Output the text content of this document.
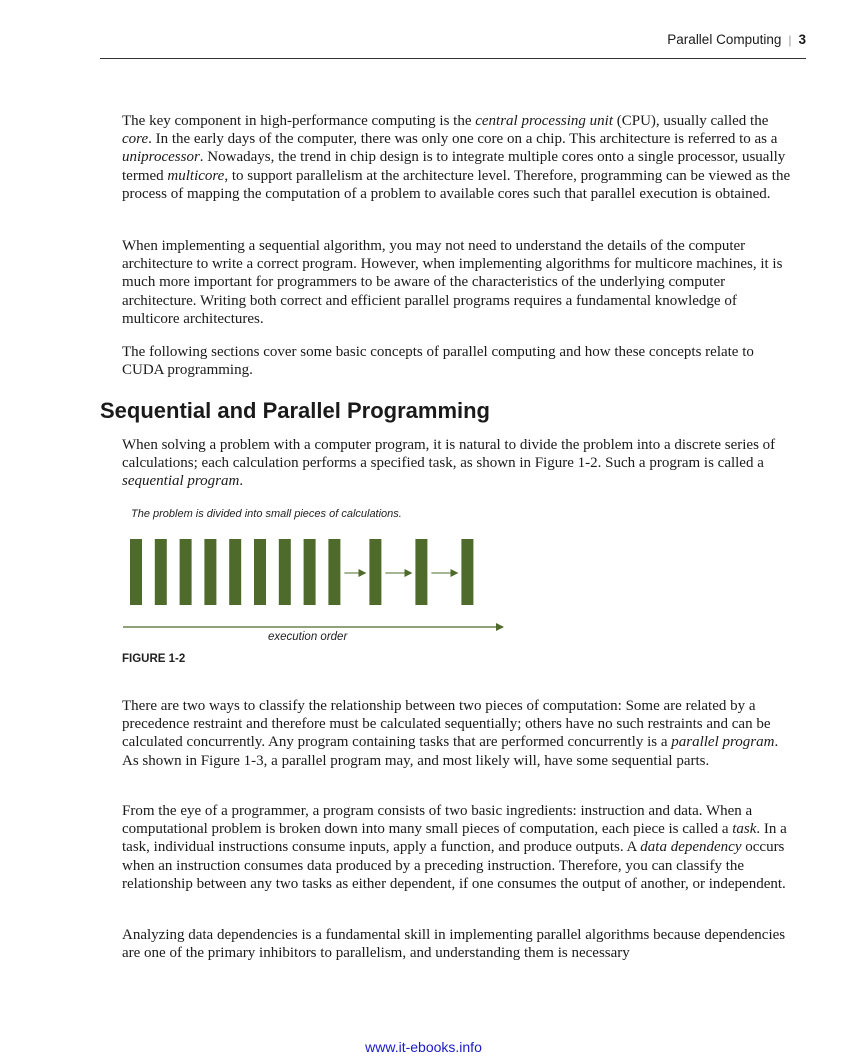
Parallel Computing | 3

The key component in high-performance computing is the central processing unit (CPU), usually called the core. In the early days of the computer, there was only one core on a chip. This architecture is referred to as a uniprocessor. Nowadays, the trend in chip design is to integrate multiple cores onto a single processor, usually termed multicore, to support parallelism at the architecture level. Therefore, programming can be viewed as the process of mapping the computation of a problem to available cores such that parallel execution is obtained.

When implementing a sequential algorithm, you may not need to understand the details of the computer architecture to write a correct program. However, when implementing algorithms for multicore machines, it is much more important for programmers to be aware of the characteristics of the underlying computer architecture. Writing both correct and efficient parallel programs requires a fundamental knowledge of multicore architectures.

The following sections cover some basic concepts of parallel computing and how these concepts relate to CUDA programming.

Sequential and Parallel Programming

When solving a problem with a computer program, it is natural to divide the problem into a discrete series of calculations; each calculation performs a specified task, as shown in Figure 1-2. Such a program is called a sequential program.

The problem is divided into small pieces of calculations.
execution order
FIGURE 1-2

There are two ways to classify the relationship between two pieces of computation: Some are related by a precedence restraint and therefore must be calculated sequentially; others have no such restraints and can be calculated concurrently. Any program containing tasks that are performed concurrently is a parallel program. As shown in Figure 1-3, a parallel program may, and most likely will, have some sequential parts.

From the eye of a programmer, a program consists of two basic ingredients: instruction and data. When a computational problem is broken down into many small pieces of computation, each piece is called a task. In a task, individual instructions consume inputs, apply a function, and produce outputs. A data dependency occurs when an instruction consumes data produced by a preceding instruction. Therefore, you can classify the relationship between any two tasks as either dependent, if one consumes the output of another, or independent.

Analyzing data dependencies is a fundamental skill in implementing parallel algorithms because dependencies are one of the primary inhibitors to parallelism, and understanding them is necessary

www.it-ebooks.info
